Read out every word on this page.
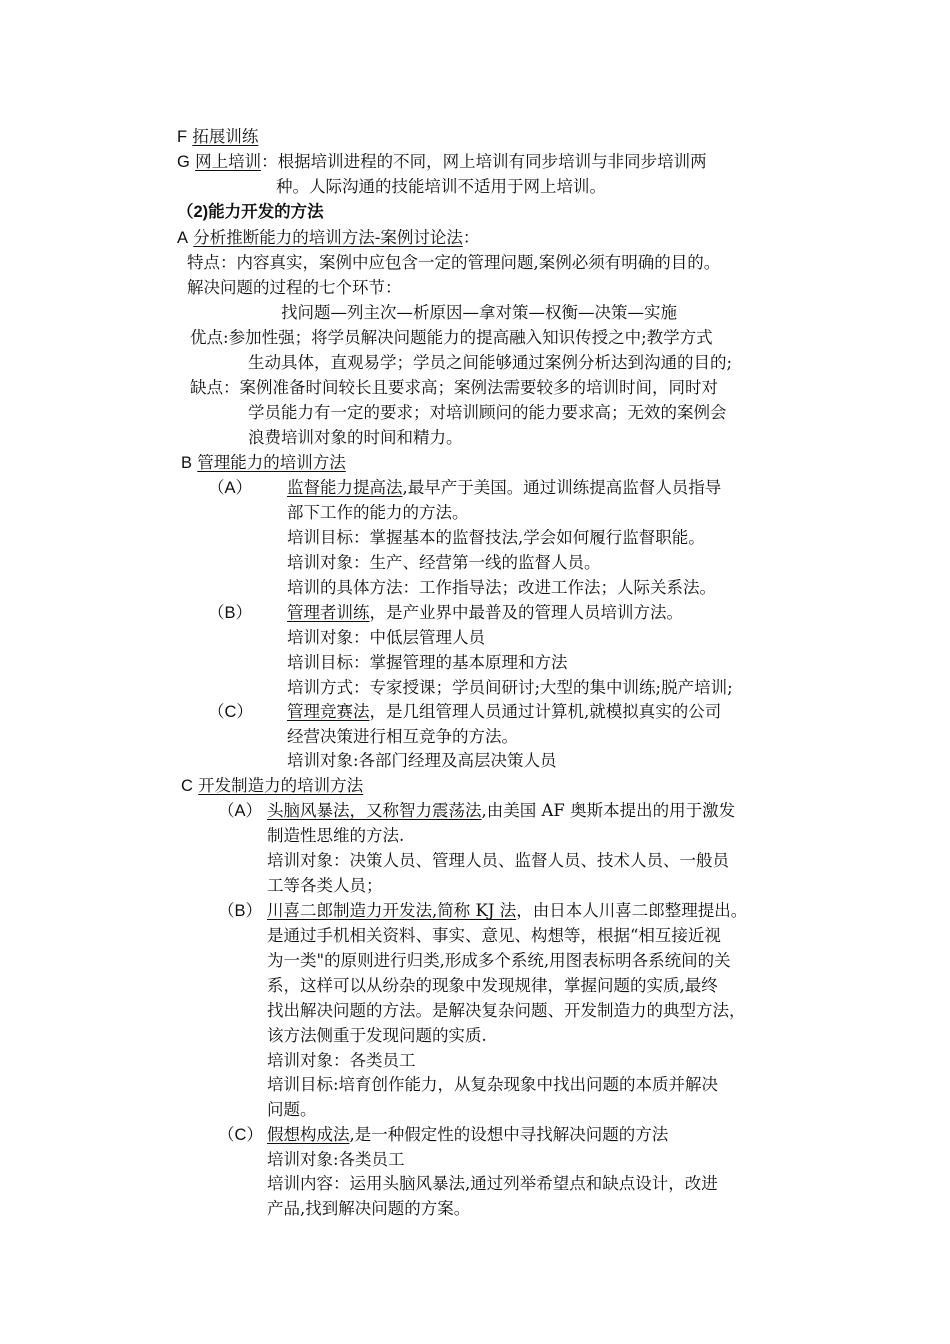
F 拓展训练
G 网上培训：根据培训进程的不同，网上培训有同步培训与非同步培训两
种。人际沟通的技能培训不适用于网上培训。
（2)能力开发的方法
A 分析推断能力的培训方法-案例讨论法：
特点：内容真实，案例中应包含一定的管理问题,案例必须有明确的目的。
解决问题的过程的七个环节：
找问题—列主次—析原因—拿对策—权衡—决策—实施
优点:参加性强；将学员解决问题能力的提高融入知识传授之中;教学方式
生动具体，直观易学；学员之间能够通过案例分析达到沟通的目的;
缺点：案例准备时间较长且要求高；案例法需要较多的培训时间，同时对
学员能力有一定的要求；对培训顾问的能力要求高；无效的案例会
浪费培训对象的时间和精力。
B 管理能力的培训方法
（A） 监督能力提高法,最早产于美国。通过训练提高监督人员指导
部下工作的能力的方法。
培训目标：掌握基本的监督技法,学会如何履行监督职能。
培训对象：生产、经营第一线的监督人员。
培训的具体方法：工作指导法；改进工作法；人际关系法。
（B） 管理者训练，是产业界中最普及的管理人员培训方法。
培训对象：中低层管理人员
培训目标：掌握管理的基本原理和方法
培训方式：专家授课；学员间研讨;大型的集中训练;脱产培训;
（C） 管理竞赛法，是几组管理人员通过计算机,就模拟真实的公司
经营决策进行相互竞争的方法。
培训对象:各部门经理及高层决策人员
C 开发制造力的培训方法
（A） 头脑风暴法，又称智力震荡法,由美国 AF 奥斯本提出的用于激发
制造性思维的方法.
培训对象：决策人员、管理人员、监督人员、技术人员、一般员
工等各类人员；
（B） 川喜二郎制造力开发法,简称 KJ 法，由日本人川喜二郎整理提出。
是通过手机相关资料、事实、意见、构想等，根据“相互接近视
为一类"的原则进行归类,形成多个系统,用图表标明各系统间的关
系，这样可以从纷杂的现象中发现规律，掌握问题的实质,最终
找出解决问题的方法。是解决复杂问题、开发制造力的典型方法，
该方法侧重于发现问题的实质.
培训对象：各类员工
培训目标:培育创作能力，从复杂现象中找出问题的本质并解决
问题。
（C） 假想构成法,是一种假定性的设想中寻找解决问题的方法
培训对象:各类员工
培训内容：运用头脑风暴法,通过列举希望点和缺点设计，改进
产品,找到解决问题的方案。
